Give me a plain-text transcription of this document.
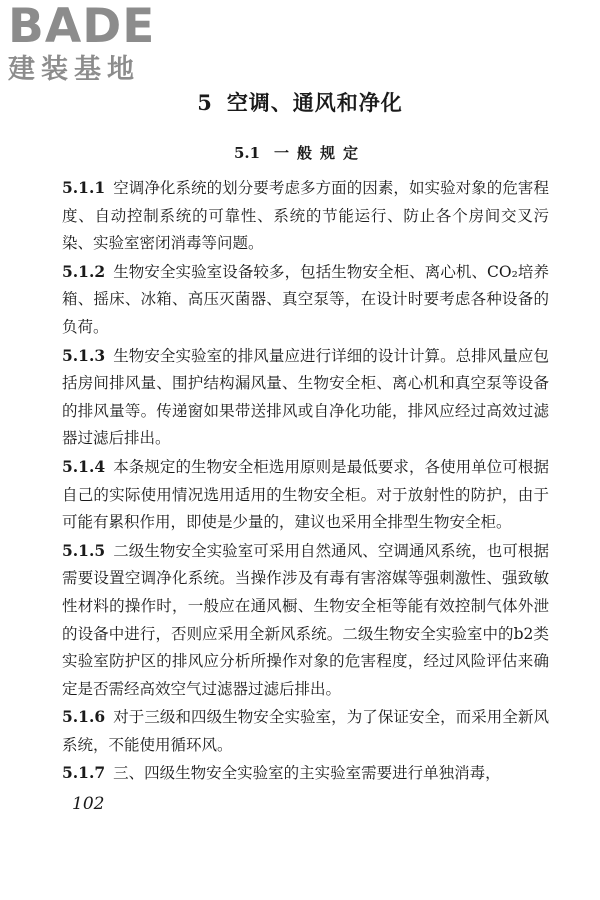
BADE
建装基地
5 空调、通风和净化
5.1 一般规定

5.1.1 空调净化系统的划分要考虑多方面的因素，如实验对象的危害程度、自动控制系统的可靠性、系统的节能运行、防止各个房间交叉污染、实验室密闭消毒等问题。

5.1.2 生物安全实验室设备较多，包括生物安全柜、离心机、CO₂培养箱、摇床、冰箱、高压灭菌器、真空泵等，在设计时要考虑各种设备的负荷。

5.1.3 生物安全实验室的排风量应进行详细的设计计算。总排风量应包括房间排风量、围护结构漏风量、生物安全柜、离心机和真空泵等设备的排风量等。传递窗如果带送排风或自净化功能，排风应经过高效过滤器过滤后排出。

5.1.4 本条规定的生物安全柜选用原则是最低要求，各使用单位可根据自己的实际使用情况选用适用的生物安全柜。对于放射性的防护，由于可能有累积作用，即使是少量的，建议也采用全排型生物安全柜。

5.1.5 二级生物安全实验室可采用自然通风、空调通风系统，也可根据需要设置空调净化系统。当操作涉及有毒有害溶媒等强刺激性、强致敏性材料的操作时，一般应在通风橱、生物安全柜等能有效控制气体外泄的设备中进行，否则应采用全新风系统。二级生物安全实验室中的b2类实验室防护区的排风应分析所操作对象的危害程度，经过风险评估来确定是否需经高效空气过滤器过滤后排出。

5.1.6 对于三级和四级生物安全实验室，为了保证安全，而采用全新风系统，不能使用循环风。

5.1.7 三、四级生物安全实验室的主实验室需要进行单独消毒，

102
